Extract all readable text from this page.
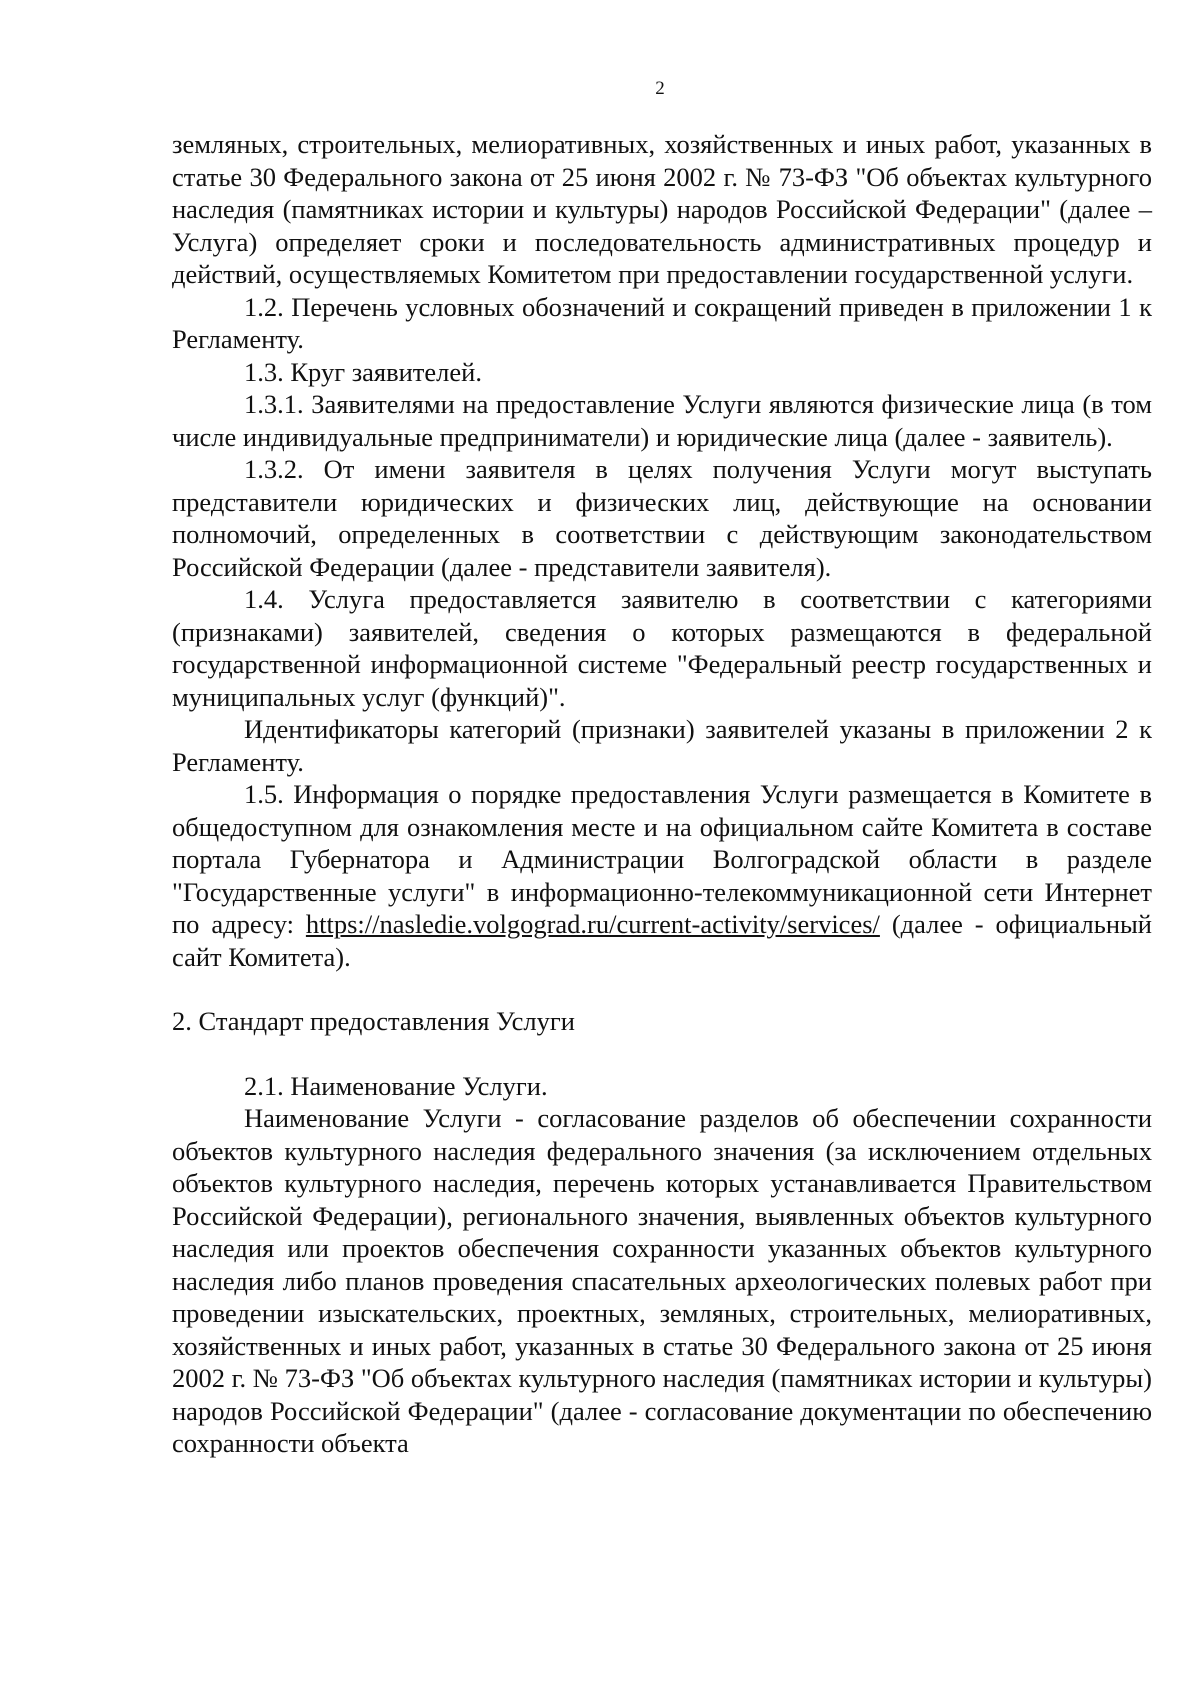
2

земляных, строительных, мелиоративных, хозяйственных и иных работ, указанных в статье 30 Федерального закона от 25 июня 2002 г. № 73-ФЗ "Об объектах культурного наследия (памятниках истории и культуры) народов Российской Федерации" (далее – Услуга) определяет сроки и последовательность административных процедур и действий, осуществляемых Комитетом при предоставлении государственной услуги.

1.2. Перечень условных обозначений и сокращений приведен в приложении 1 к Регламенту.

1.3. Круг заявителей.

1.3.1. Заявителями на предоставление Услуги являются физические лица (в том числе индивидуальные предприниматели) и юридические лица (далее - заявитель).

1.3.2. От имени заявителя в целях получения Услуги могут выступать представители юридических и физических лиц, действующие на основании полномочий, определенных в соответствии с действующим законодательством Российской Федерации (далее - представители заявителя).

1.4. Услуга предоставляется заявителю в соответствии с категориями (признаками) заявителей, сведения о которых размещаются в федеральной государственной информационной системе "Федеральный реестр государственных и муниципальных услуг (функций)".

Идентификаторы категорий (признаки) заявителей указаны в приложении 2 к Регламенту.

1.5. Информация о порядке предоставления Услуги размещается в Комитете в общедоступном для ознакомления месте и на официальном сайте Комитета в составе портала Губернатора и Администрации Волгоградской области в разделе "Государственные услуги" в информационно-телекоммуникационной сети Интернет по адресу: https://nasledie.volgograd.ru/current-activity/services/ (далее - официальный сайт Комитета).

2. Стандарт предоставления Услуги

2.1. Наименование Услуги.

Наименование Услуги - согласование разделов об обеспечении сохранности объектов культурного наследия федерального значения (за исключением отдельных объектов культурного наследия, перечень которых устанавливается Правительством Российской Федерации), регионального значения, выявленных объектов культурного наследия или проектов обеспечения сохранности указанных объектов культурного наследия либо планов проведения спасательных археологических полевых работ при проведении изыскательских, проектных, земляных, строительных, мелиоративных, хозяйственных и иных работ, указанных в статье 30 Федерального закона от 25 июня 2002 г. № 73-ФЗ "Об объектах культурного наследия (памятниках истории и культуры) народов Российской Федерации" (далее - согласование документации по обеспечению сохранности объекта
